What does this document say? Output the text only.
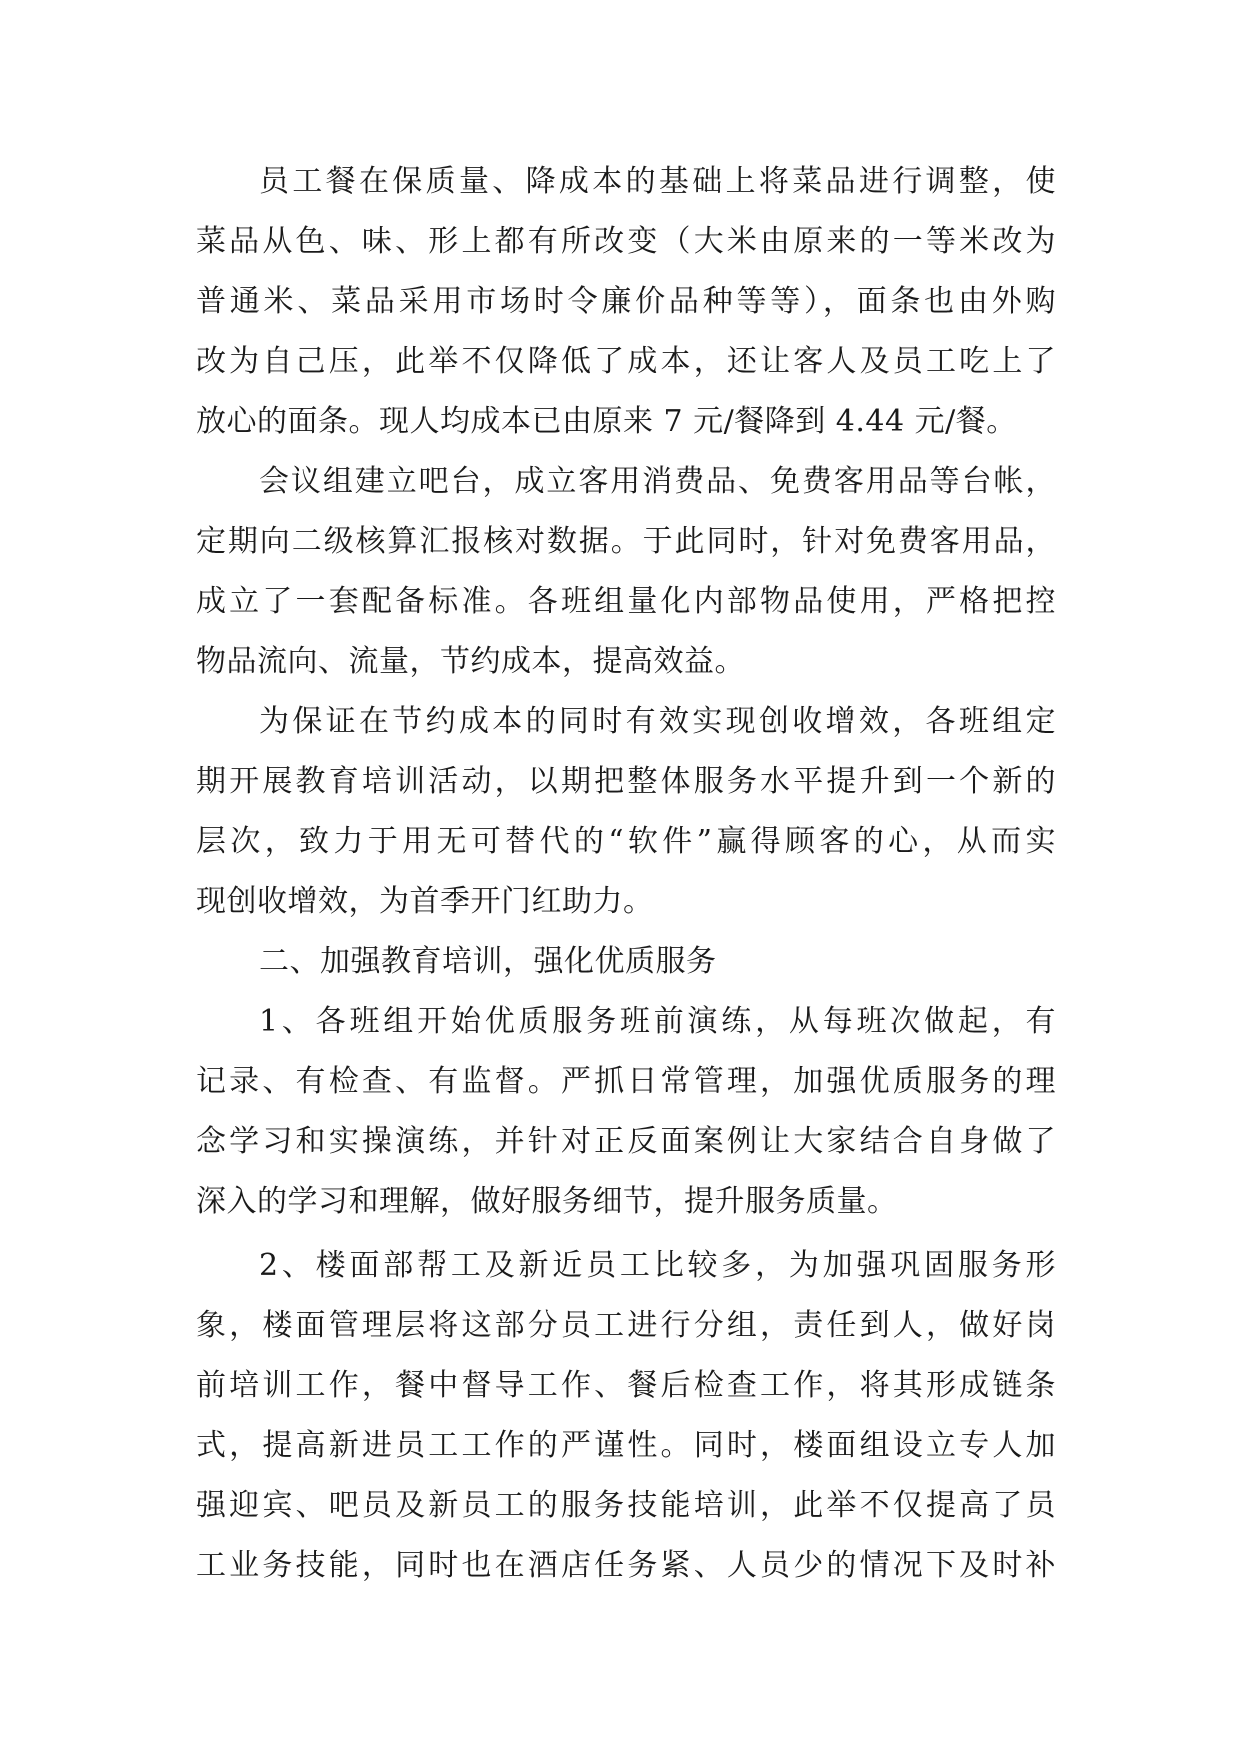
员工餐在保质量、降成本的基础上将菜品进行调整，使
菜品从色、味、形上都有所改变（大米由原来的一等米改为
普通米、菜品采用市场时令廉价品种等等），面条也由外购
改为自己压，此举不仅降低了成本，还让客人及员工吃上了
放心的面条。现人均成本已由原来 7 元/餐降到 4.44 元/餐。
会议组建立吧台，成立客用消费品、免费客用品等台帐，
定期向二级核算汇报核对数据。于此同时，针对免费客用品，
成立了一套配备标准。各班组量化内部物品使用，严格把控
物品流向、流量，节约成本，提高效益。
为保证在节约成本的同时有效实现创收增效，各班组定
期开展教育培训活动，以期把整体服务水平提升到一个新的
层次，致力于用无可替代的“软件”赢得顾客的心，从而实
现创收增效，为首季开门红助力。
二、加强教育培训，强化优质服务
1、各班组开始优质服务班前演练，从每班次做起，有
记录、有检查、有监督。严抓日常管理，加强优质服务的理
念学习和实操演练，并针对正反面案例让大家结合自身做了
深入的学习和理解，做好服务细节，提升服务质量。
2、楼面部帮工及新近员工比较多，为加强巩固服务形
象，楼面管理层将这部分员工进行分组，责任到人，做好岗
前培训工作，餐中督导工作、餐后检查工作，将其形成链条
式，提高新进员工工作的严谨性。同时，楼面组设立专人加
强迎宾、吧员及新员工的服务技能培训，此举不仅提高了员
工业务技能，同时也在酒店任务紧、人员少的情况下及时补
